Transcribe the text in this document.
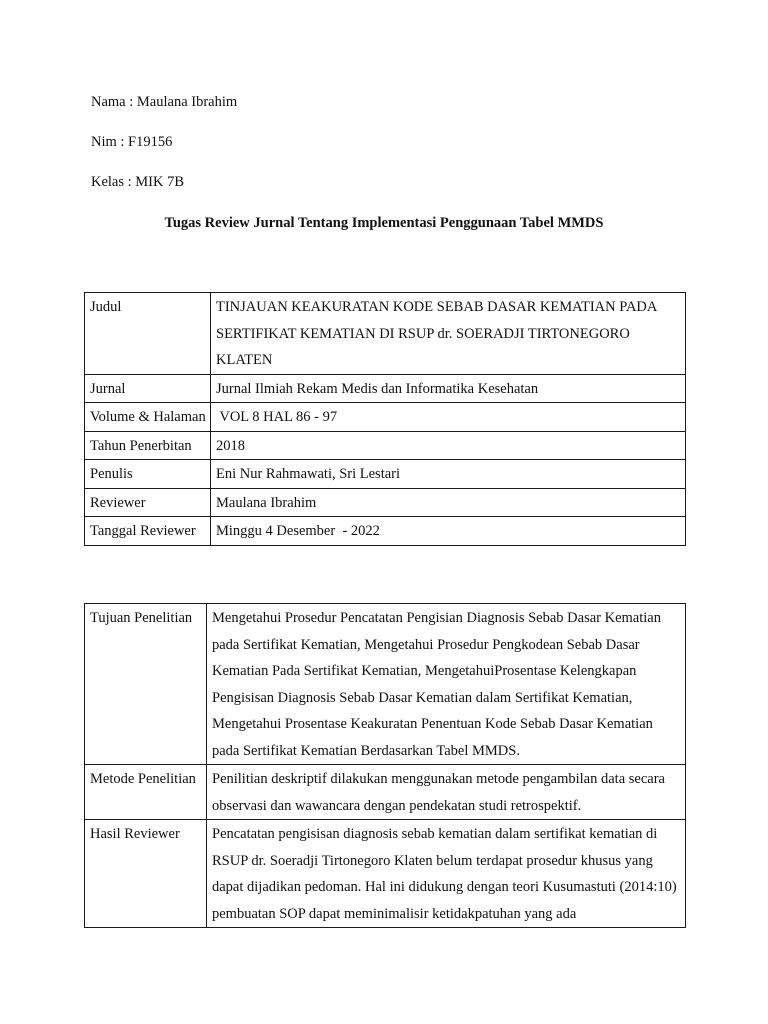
Nama : Maulana Ibrahim
Nim : F19156
Kelas : MIK 7B
Tugas Review Jurnal Tentang Implementasi Penggunaan Tabel MMDS
Judul	TINJAUAN KEAKURATAN KODE SEBAB DASAR KEMATIAN PADA SERTIFIKAT KEMATIAN DI RSUP dr. SOERADJI TIRTONEGORO KLATEN
Jurnal	Jurnal Ilmiah Rekam Medis dan Informatika Kesehatan
Volume & Halaman	VOL 8 HAL 86 - 97
Tahun Penerbitan	2018
Penulis	Eni Nur Rahmawati, Sri Lestari
Reviewer	Maulana Ibrahim
Tanggal Reviewer	Minggu 4 Desember  - 2022
Tujuan Penelitian	Mengetahui Prosedur Pencatatan Pengisian Diagnosis Sebab Dasar Kematian pada Sertifikat Kematian, Mengetahui Prosedur Pengkodean Sebab Dasar Kematian Pada Sertifikat Kematian, MengetahuiProsentase Kelengkapan Pengisisan Diagnosis Sebab Dasar Kematian dalam Sertifikat Kematian, Mengetahui Prosentase Keakuratan Penentuan Kode Sebab Dasar Kematian pada Sertifikat Kematian Berdasarkan Tabel MMDS.
Metode Penelitian	Penilitian deskriptif dilakukan menggunakan metode pengambilan data secara observasi dan wawancara dengan pendekatan studi retrospektif.
Hasil Reviewer	Pencatatan pengisisan diagnosis sebab kematian dalam sertifikat kematian di RSUP dr. Soeradji Tirtonegoro Klaten belum terdapat prosedur khusus yang dapat dijadikan pedoman. Hal ini didukung dengan teori Kusumastuti (2014:10) pembuatan SOP dapat meminimalisir ketidakpatuhan yang ada
